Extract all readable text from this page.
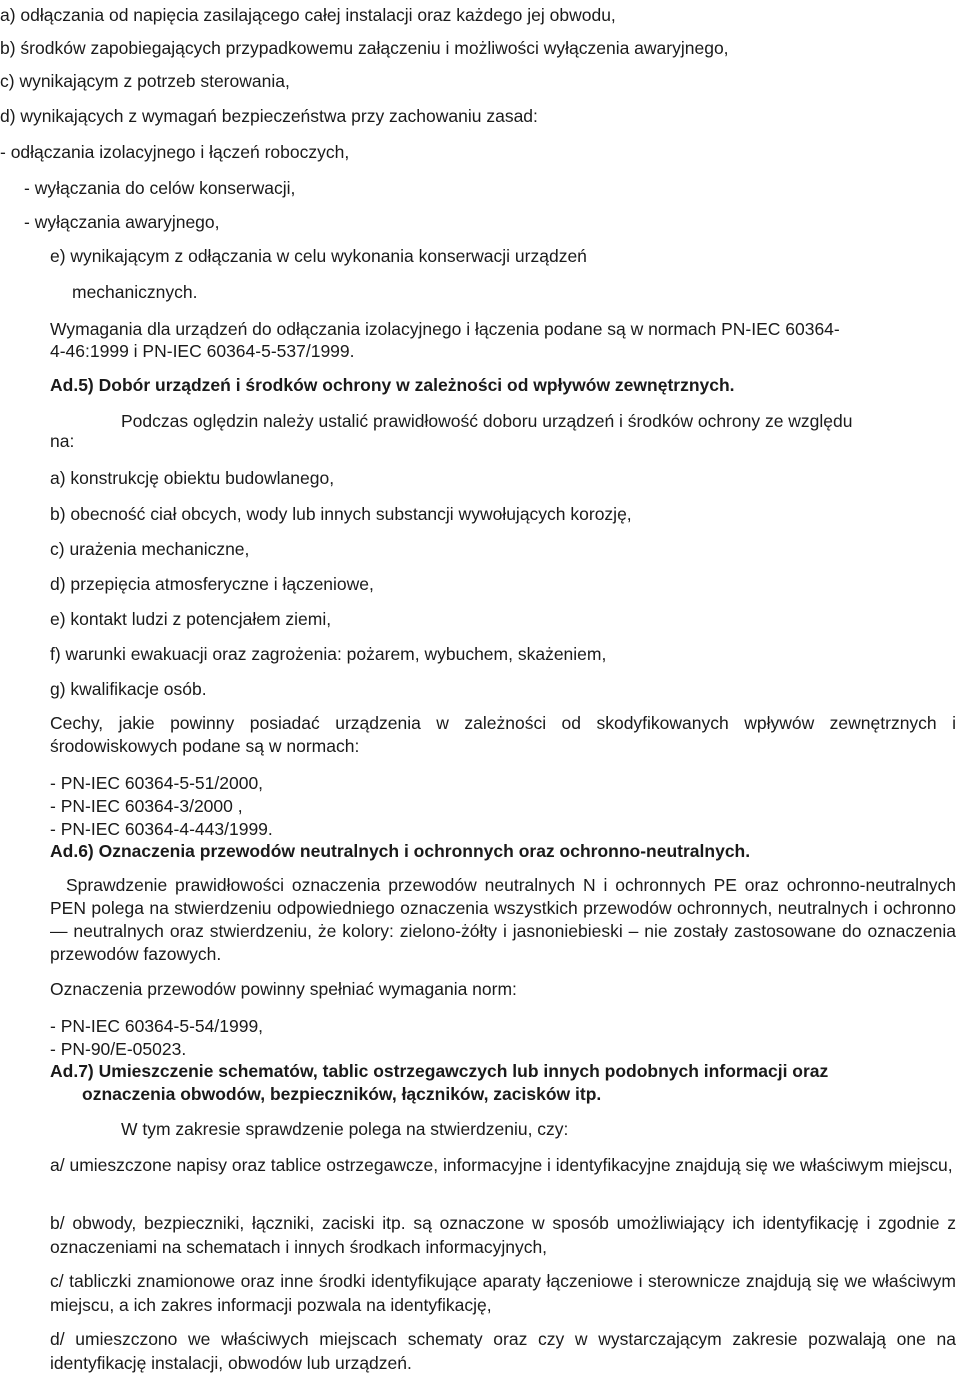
a) odłączania od napięcia zasilającego całej instalacji oraz każdego jej obwodu,
b) środków zapobiegających przypadkowemu załączeniu i możliwości wyłączenia awaryjnego,
c) wynikającym z potrzeb sterowania,
d) wynikających z wymagań bezpieczeństwa przy zachowaniu zasad:
- odłączania izolacyjnego i łączeń roboczych,
- wyłączania do celów konserwacji,
- wyłączania awaryjnego,
e) wynikającym z odłączania w celu wykonania konserwacji urządzeń
mechanicznych.
Wymagania dla urządzeń do odłączania izolacyjnego i łączenia podane są w normach PN-IEC 60364-
4-46:1999 i PN-IEC 60364-5-537/1999.
Ad.5) Dobór urządzeń i środków ochrony w zależności od wpływów zewnętrznych.
Podczas oględzin należy ustalić prawidłowość doboru urządzeń i środków ochrony ze względu
na:
a) konstrukcję obiektu budowlanego,
b) obecność ciał obcych, wody lub innych substancji wywołujących korozję,
c) urażenia mechaniczne,
d) przepięcia atmosferyczne i łączeniowe,
e) kontakt ludzi z potencjałem ziemi,
f) warunki ewakuacji oraz zagrożenia: pożarem, wybuchem, skażeniem,
g) kwalifikacje osób.
Cechy, jakie powinny posiadać urządzenia w zależności od skodyfikowanych wpływów zewnętrznych i środowiskowych podane są w normach:
- PN-IEC 60364-5-51/2000,
- PN-IEC 60364-3/2000 ,
- PN-IEC 60364-4-443/1999.
Ad.6) Oznaczenia przewodów neutralnych i ochronnych oraz ochronno-neutralnych.
Sprawdzenie prawidłowości oznaczenia przewodów neutralnych N i ochronnych PE oraz ochronno-neutralnych PEN polega na stwierdzeniu odpowiedniego oznaczenia wszystkich przewodów ochronnych, neutralnych i ochronno — neutralnych oraz stwierdzeniu, że kolory: zielono-żółty i jasnoniebieski – nie zostały zastosowane do oznaczenia przewodów fazowych.
Oznaczenia przewodów powinny spełniać wymagania norm:
- PN-IEC 60364-5-54/1999,
- PN-90/E-05023.
Ad.7) Umieszczenie schematów, tablic ostrzegawczych lub innych podobnych informacji oraz
oznaczenia obwodów, bezpieczników, łączników, zacisków itp.
W tym zakresie sprawdzenie polega na stwierdzeniu, czy:
a/ umieszczone napisy oraz tablice ostrzegawcze, informacyjne i identyfikacyjne znajdują się we właściwym miejscu,
b/ obwody, bezpieczniki, łączniki, zaciski itp. są oznaczone w sposób umożliwiający ich identyfikację i zgodnie z oznaczeniami na schematach i innych środkach informacyjnych,
c/ tabliczki znamionowe oraz inne środki identyfikujące aparaty łączeniowe i sterownicze znajdują się we właściwym miejscu, a ich zakres informacji pozwala na identyfikację,
d/ umieszczono we właściwych miejscach schematy oraz czy w wystarczającym zakresie pozwalają one na identyfikację instalacji, obwodów lub urządzeń.
